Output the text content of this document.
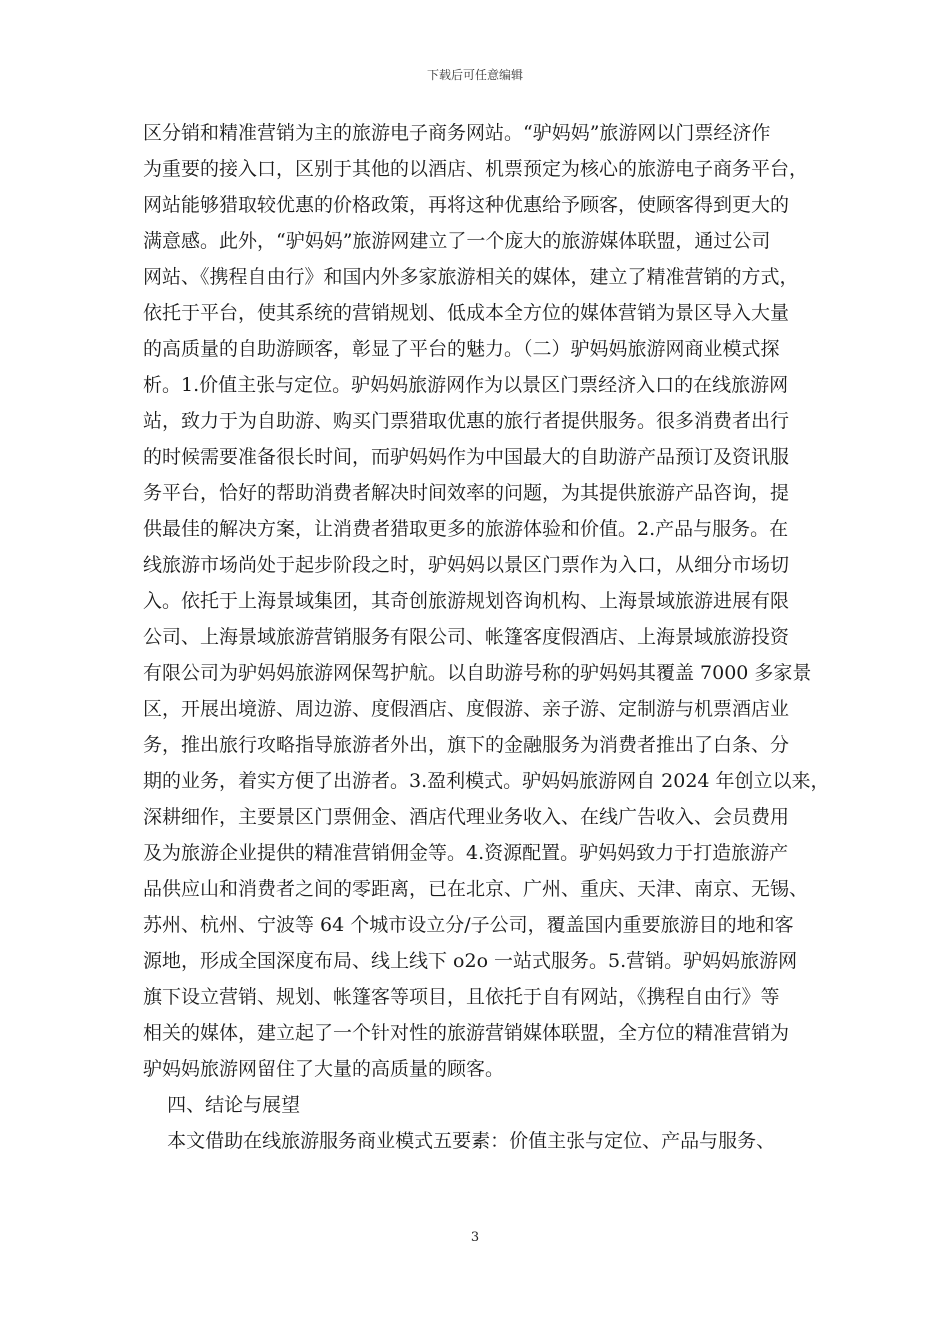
下载后可任意编辑
区分销和精准营销为主的旅游电子商务网站。“驴妈妈”旅游网以门票经济作
为重要的接入口，区别于其他的以酒店、机票预定为核心的旅游电子商务平台，
网站能够猎取较优惠的价格政策，再将这种优惠给予顾客，使顾客得到更大的
满意感。此外，“驴妈妈”旅游网建立了一个庞大的旅游媒体联盟，通过公司
网站、《携程自由行》和国内外多家旅游相关的媒体，建立了精准营销的方式，
依托于平台，使其系统的营销规划、低成本全方位的媒体营销为景区导入大量
的高质量的自助游顾客，彰显了平台的魅力。（二）驴妈妈旅游网商业模式探
析。1.价值主张与定位。驴妈妈旅游网作为以景区门票经济入口的在线旅游网
站，致力于为自助游、购买门票猎取优惠的旅行者提供服务。很多消费者出行
的时候需要准备很长时间，而驴妈妈作为中国最大的自助游产品预订及资讯服
务平台，恰好的帮助消费者解决时间效率的问题，为其提供旅游产品咨询，提
供最佳的解决方案，让消费者猎取更多的旅游体验和价值。2.产品与服务。在
线旅游市场尚处于起步阶段之时，驴妈妈以景区门票作为入口，从细分市场切
入。依托于上海景域集团，其奇创旅游规划咨询机构、上海景域旅游进展有限
公司、上海景域旅游营销服务有限公司、帐篷客度假酒店、上海景域旅游投资
有限公司为驴妈妈旅游网保驾护航。以自助游号称的驴妈妈其覆盖 7000 多家景
区，开展出境游、周边游、度假酒店、度假游、亲子游、定制游与机票酒店业
务，推出旅行攻略指导旅游者外出，旗下的金融服务为消费者推出了白条、分
期的业务，着实方便了出游者。3.盈利模式。驴妈妈旅游网自 2024 年创立以来，
深耕细作，主要景区门票佣金、酒店代理业务收入、在线广告收入、会员费用
及为旅游企业提供的精准营销佣金等。4.资源配置。驴妈妈致力于打造旅游产
品供应山和消费者之间的零距离，已在北京、广州、重庆、天津、南京、无锡、
苏州、杭州、宁波等 64 个城市设立分/子公司，覆盖国内重要旅游目的地和客
源地，形成全国深度布局、线上线下 o2o 一站式服务。5.营销。驴妈妈旅游网
旗下设立营销、规划、帐篷客等项目，且依托于自有网站，《携程自由行》等
相关的媒体，建立起了一个针对性的旅游营销媒体联盟，全方位的精准营销为
驴妈妈旅游网留住了大量的高质量的顾客。
四、结论与展望
本文借助在线旅游服务商业模式五要素：价值主张与定位、产品与服务、
3
